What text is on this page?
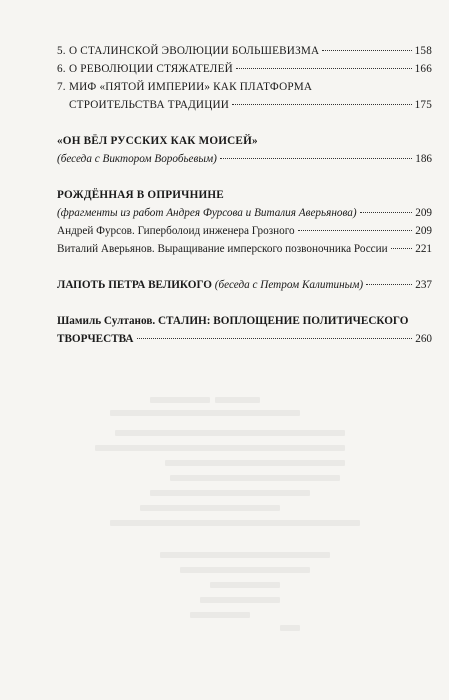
5. О СТАЛИНСКОЙ ЭВОЛЮЦИИ БОЛЬШЕВИЗМА	158
6. О РЕВОЛЮЦИИ СТЯЖАТЕЛЕЙ	166
7. МИФ «ПЯТОЙ ИМПЕРИИ» КАК ПЛАТФОРМА
СТРОИТЕЛЬСТВА ТРАДИЦИИ	175
«ОН ВЁЛ РУССКИХ КАК МОИСЕЙ»
(беседа с Виктором Воробьевым)	186
РОЖДЁННАЯ В ОПРИЧНИНЕ
(фрагменты из работ Андрея Фурсова и Виталия Аверьянова)	209
Андрей Фурсов. Гиперболоид инженера Грозного	209
Виталий Аверьянов. Выращивание имперского позвоночника России 221
ЛАПОТЬ ПЕТРА ВЕЛИКОГО (беседа с Петром Калитиным)	237
Шамиль Султанов. СТАЛИН: ВОПЛОЩЕНИЕ ПОЛИТИЧЕСКОГО
ТВОРЧЕСТВА	260
